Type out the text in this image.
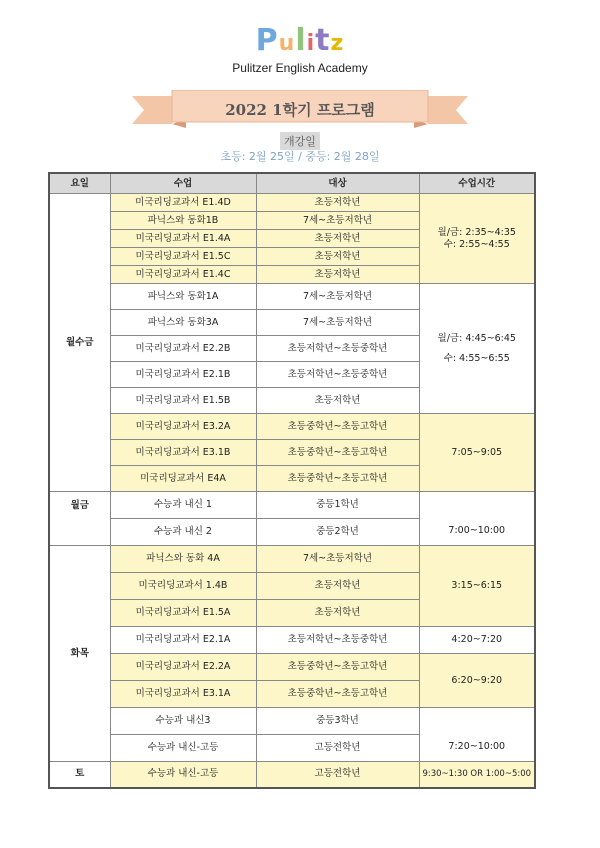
Pulitz
Pulitzer English Academy
2022 1학기 프로그램
개강일
초등: 2월 25일 / 중등: 2월 28일
요일	수업	대상	수업시간
월수금	미국리딩교과서 E1.4D	초등저학년	월/금: 2:35~4:35
수: 2:55~4:55

	파닉스와 동화1B	7세~초등저학년	
	미국리딩교과서 E1.4A	초등저학년	
	미국리딩교과서 E1.5C	초등저학년	
	미국리딩교과서 E1.4C	초등저학년	
	파닉스와 동화1A	7세~초등저학년	월/금: 4:45~6:45
수: 4:55~6:55

	파닉스와 동화3A	7세~초등저학년	
	미국리딩교과서 E2.2B	초등저학년~초등중학년	
	미국리딩교과서 E2.1B	초등저학년~초등중학년	
	미국리딩교과서 E1.5B	초등저학년	
	미국리딩교과서 E3.2A	초등중학년~초등고학년	7:05~9:05
	미국리딩교과서 E3.1B	초등중학년~초등고학년	
	미국리딩교과서 E4A	초등중학년~초등고학년	
월금	수능과 내신 1	중등1학년	7:00~10:00
	수능과 내신 2	중등2학년	
화목	파닉스와 동화 4A	7세~초등저학년	3:15~6:15
	미국리딩교과서 1.4B	초등저학년	
	미국리딩교과서 E1.5A	초등저학년	
	미국리딩교과서 E2.1A	초등저학년~초등중학년	4:20~7:20
	미국리딩교과서 E2.2A	초등중학년~초등고학년	6:20~9:20
	미국리딩교과서 E3.1A	초등중학년~초등고학년	
	수능과 내신3	중등3학년	7:20~10:00
	수능과 내신-고등	고등전학년	
토	수능과 내신-고등	고등전학년	9:30~1:30 OR 1:00~5:00
